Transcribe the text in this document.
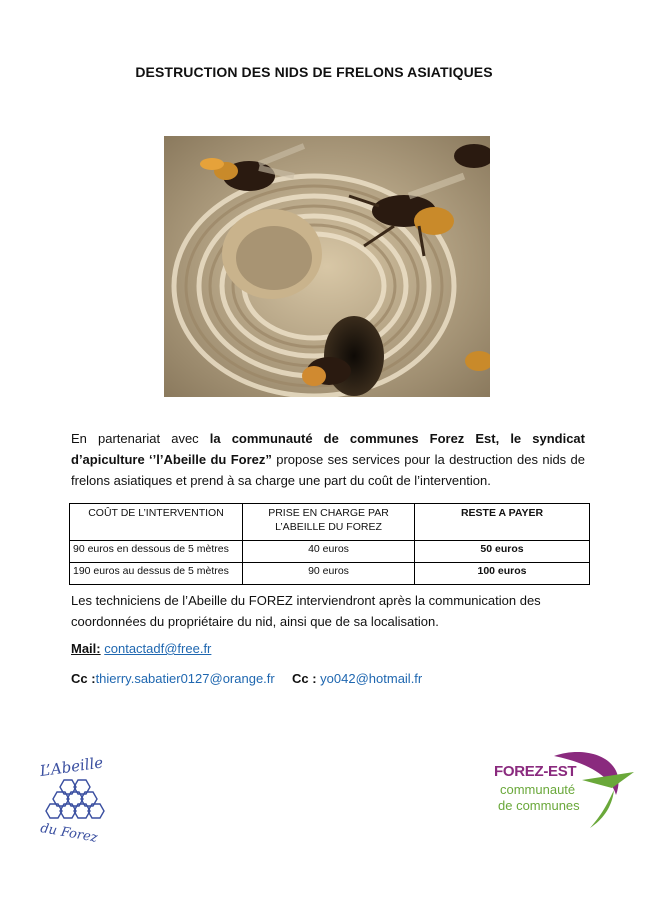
DESTRUCTION DES NIDS DE FRELONS ASIATIQUES
En partenariat avec la communauté de communes Forez Est, le syndicat d’apiculture ‘’l’Abeille du Forez” propose ses services pour la destruction des nids de frelons asiatiques et prend à sa charge une part du coût de l’intervention.
COÛT DE L’INTERVENTION	PRISE EN CHARGE PAR L’ABEILLE DU FOREZ	RESTE A PAYER
90 euros en dessous de 5 mètres	40 euros	50 euros
190 euros au dessus de 5 mètres	90 euros	100 euros
Les techniciens de l’Abeille du FOREZ interviendront après la communication des coordonnées du propriétaire du nid, ainsi que de sa localisation.
Mail: contactadf@free.fr
Cc :thierry.sabatier0127@orange.fr Cc : yo042@hotmail.fr
L’Abeille
du Forez
FOREZ-EST
communauté
de communes
